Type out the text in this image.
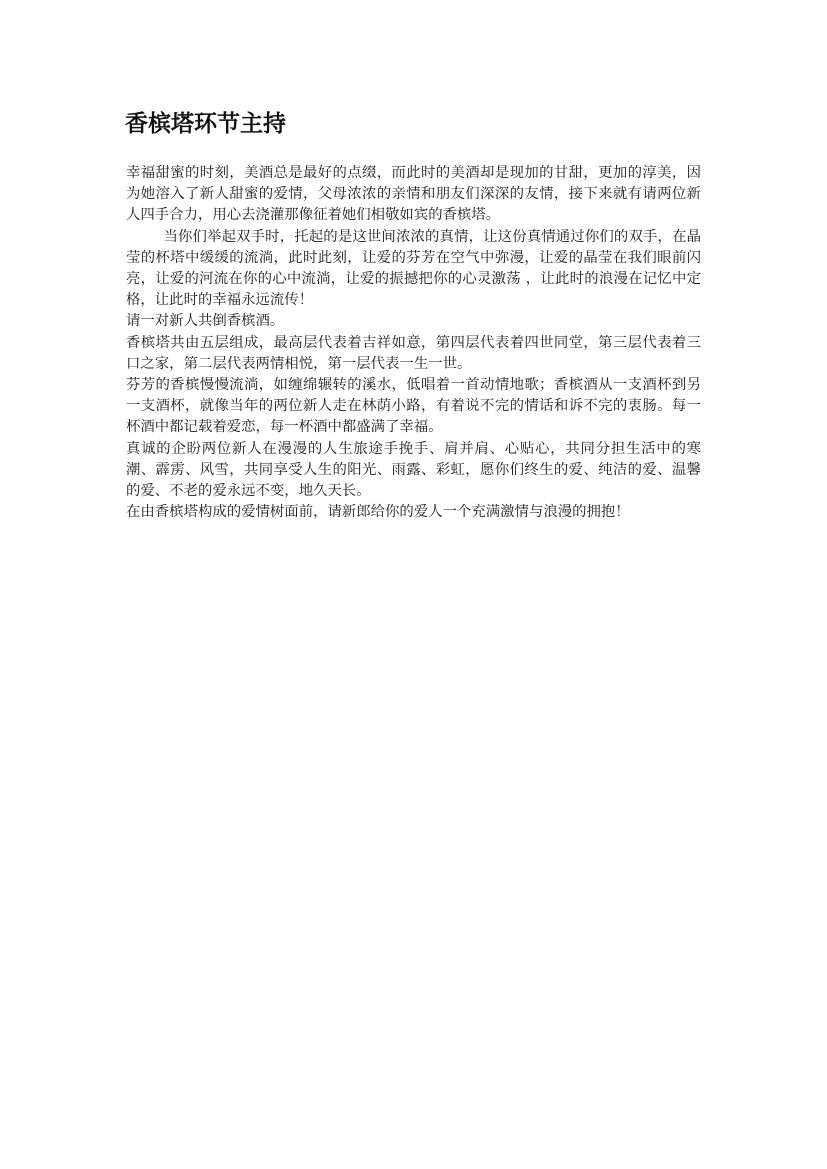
香槟塔环节主持

幸福甜蜜的时刻，美酒总是最好的点缀，而此时的美酒却是现加的甘甜，更加的淳美，因为她溶入了新人甜蜜的爱情，父母浓浓的亲情和朋友们深深的友情，接下来就有请两位新人四手合力，用心去浇灌那像征着她们相敬如宾的香槟塔。

当你们举起双手时，托起的是这世间浓浓的真情，让这份真情通过你们的双手，在晶莹的杯塔中缓缓的流淌，此时此刻，让爱的芬芳在空气中弥漫，让爱的晶莹在我们眼前闪亮，让爱的河流在你的心中流淌，让爱的振撼把你的心灵激荡 ，让此时的浪漫在记忆中定格，让此时的幸福永远流传！

请一对新人共倒香槟酒。

香槟塔共由五层组成，最高层代表着吉祥如意，第四层代表着四世同堂，第三层代表着三口之家，第二层代表两情相悦，第一层代表一生一世。

芬芳的香槟慢慢流淌，如缠绵辗转的溪水，低唱着一首动情地歌；香槟酒从一支酒杯到另一支酒杯，就像当年的两位新人走在林荫小路，有着说不完的情话和诉不完的衷肠。每一杯酒中都记载着爱恋，每一杯酒中都盛满了幸福。

真诚的企盼两位新人在漫漫的人生旅途手挽手、肩并肩、心贴心，共同分担生活中的寒潮、霹雳、风雪，共同享受人生的阳光、雨露、彩虹，愿你们终生的爱、纯洁的爱、温馨的爱、不老的爱永远不变，地久天长。

在由香槟塔构成的爱情树面前，请新郎给你的爱人一个充满激情与浪漫的拥抱！
